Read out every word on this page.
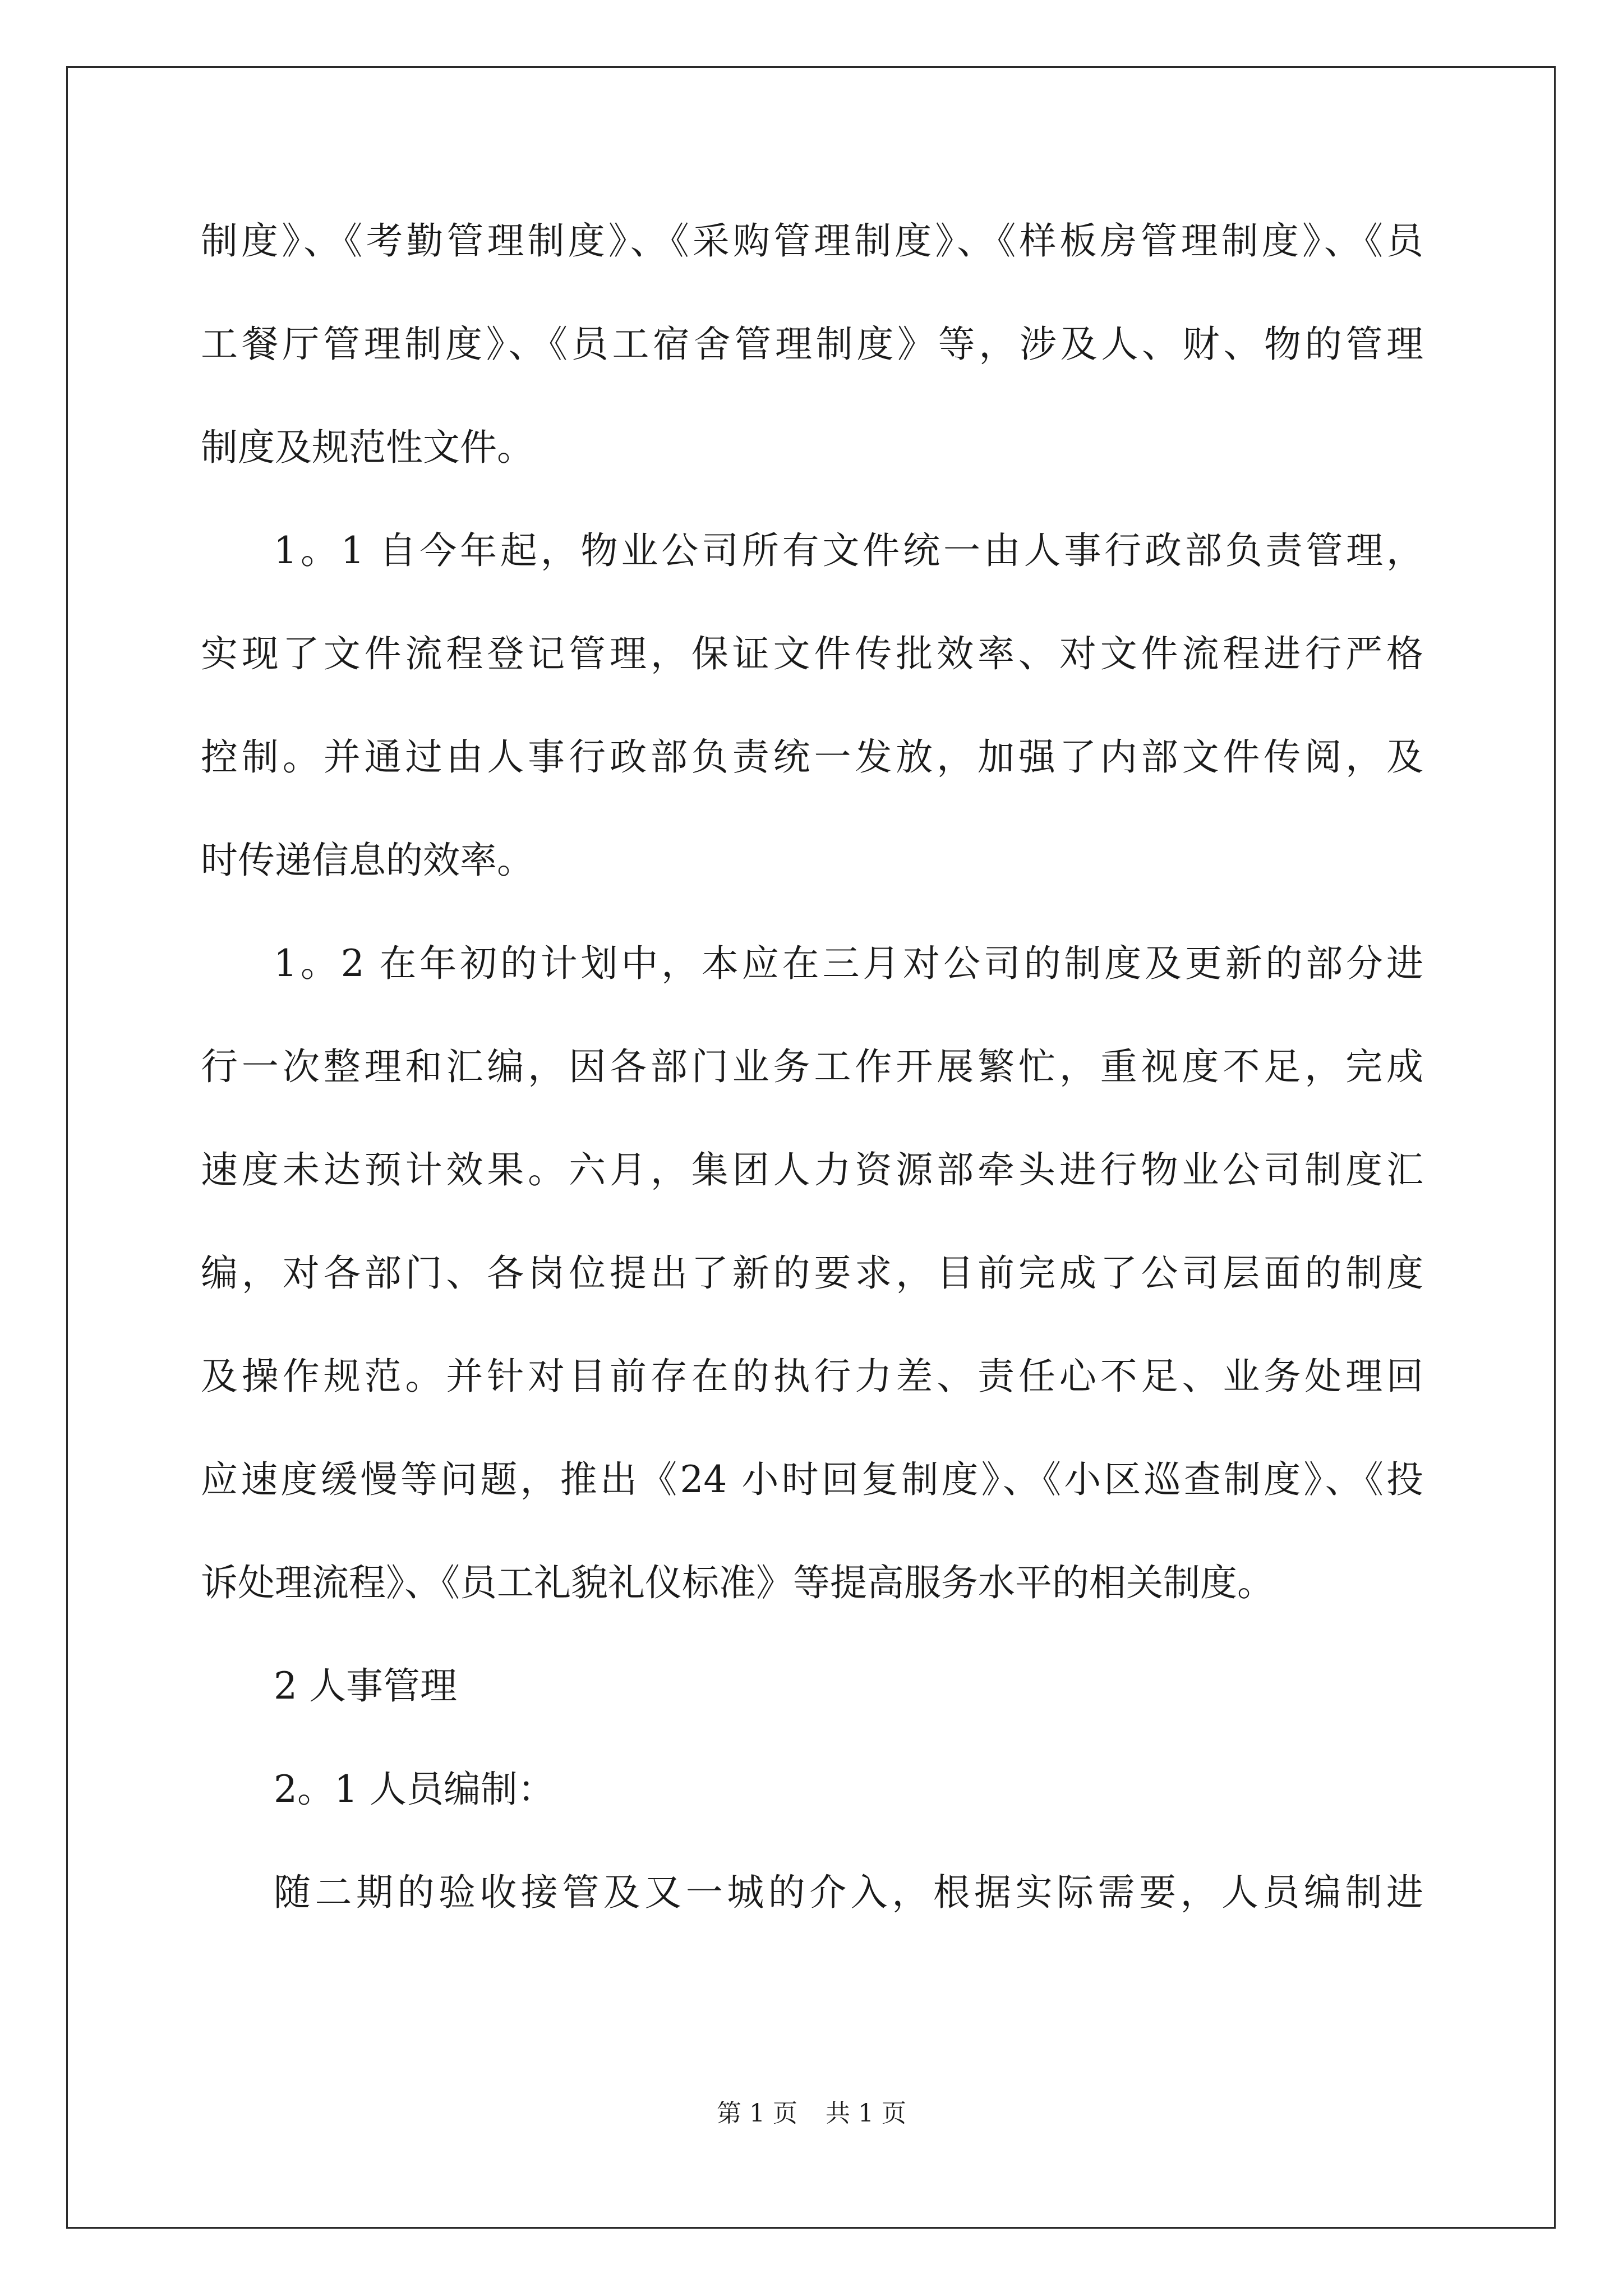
制度》、《考勤管理制度》、《采购管理制度》、《样板房管理制度》、《员
工餐厅管理制度》、《员工宿舍管理制度》等，涉及人、财、物的管理
制度及规范性文件。
1。1 自今年起，物业公司所有文件统一由人事行政部负责管理，
实现了文件流程登记管理，保证文件传批效率、对文件流程进行严格
控制。并通过由人事行政部负责统一发放，加强了内部文件传阅，及
时传递信息的效率。
1。2 在年初的计划中，本应在三月对公司的制度及更新的部分进
行一次整理和汇编，因各部门业务工作开展繁忙，重视度不足，完成
速度未达预计效果。六月，集团人力资源部牵头进行物业公司制度汇
编，对各部门、各岗位提出了新的要求，目前完成了公司层面的制度
及操作规范。并针对目前存在的执行力差、责任心不足、业务处理回
应速度缓慢等问题，推出《24 小时回复制度》、《小区巡查制度》、《投
诉处理流程》、《员工礼貌礼仪标准》等提高服务水平的相关制度。
2 人事管理
2。1 人员编制：
随二期的验收接管及又一城的介入，根据实际需要，人员编制进
第 1 页 共 1 页
